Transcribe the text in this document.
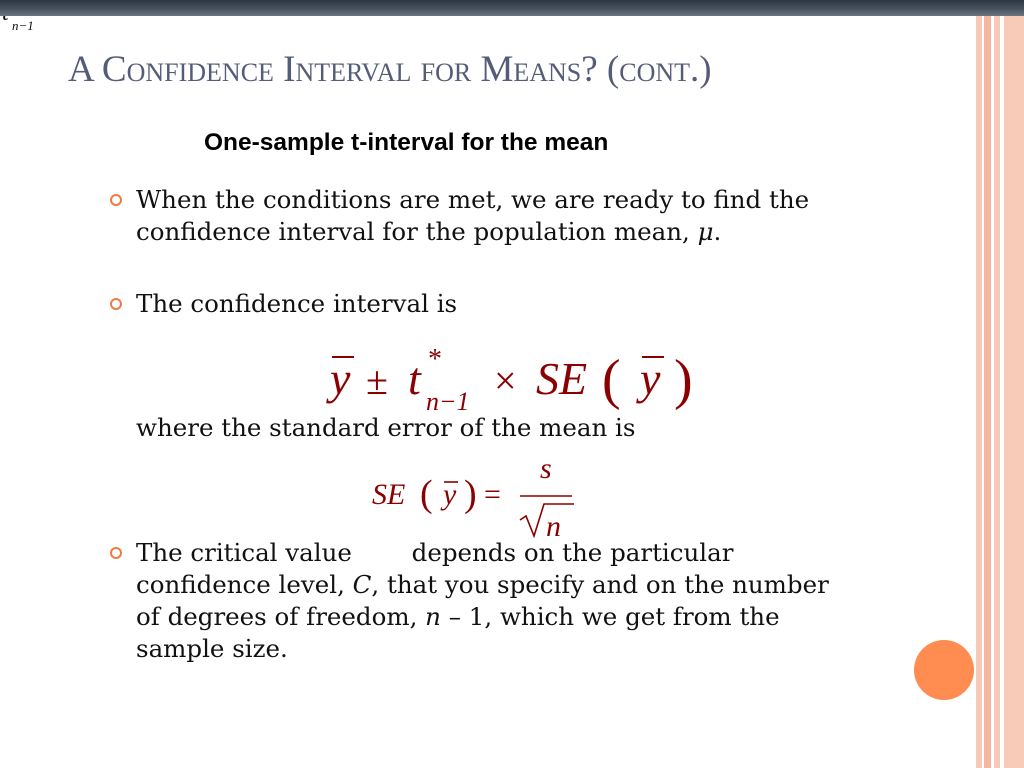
A Confidence Interval for Means? (cont.)
One-sample t-interval for the mean
When the conditions are met, we are ready to find the
confidence interval for the population mean, μ.
The confidence interval is
y ± t *
n−1 × SE ( y )
where the standard error of the mean is
SE ( y ) =
s
n
The critical value depends on the particular
confidence level, C, that you specify and on the number
of degrees of freedom, n – 1, which we get from the
sample size.
n−1
